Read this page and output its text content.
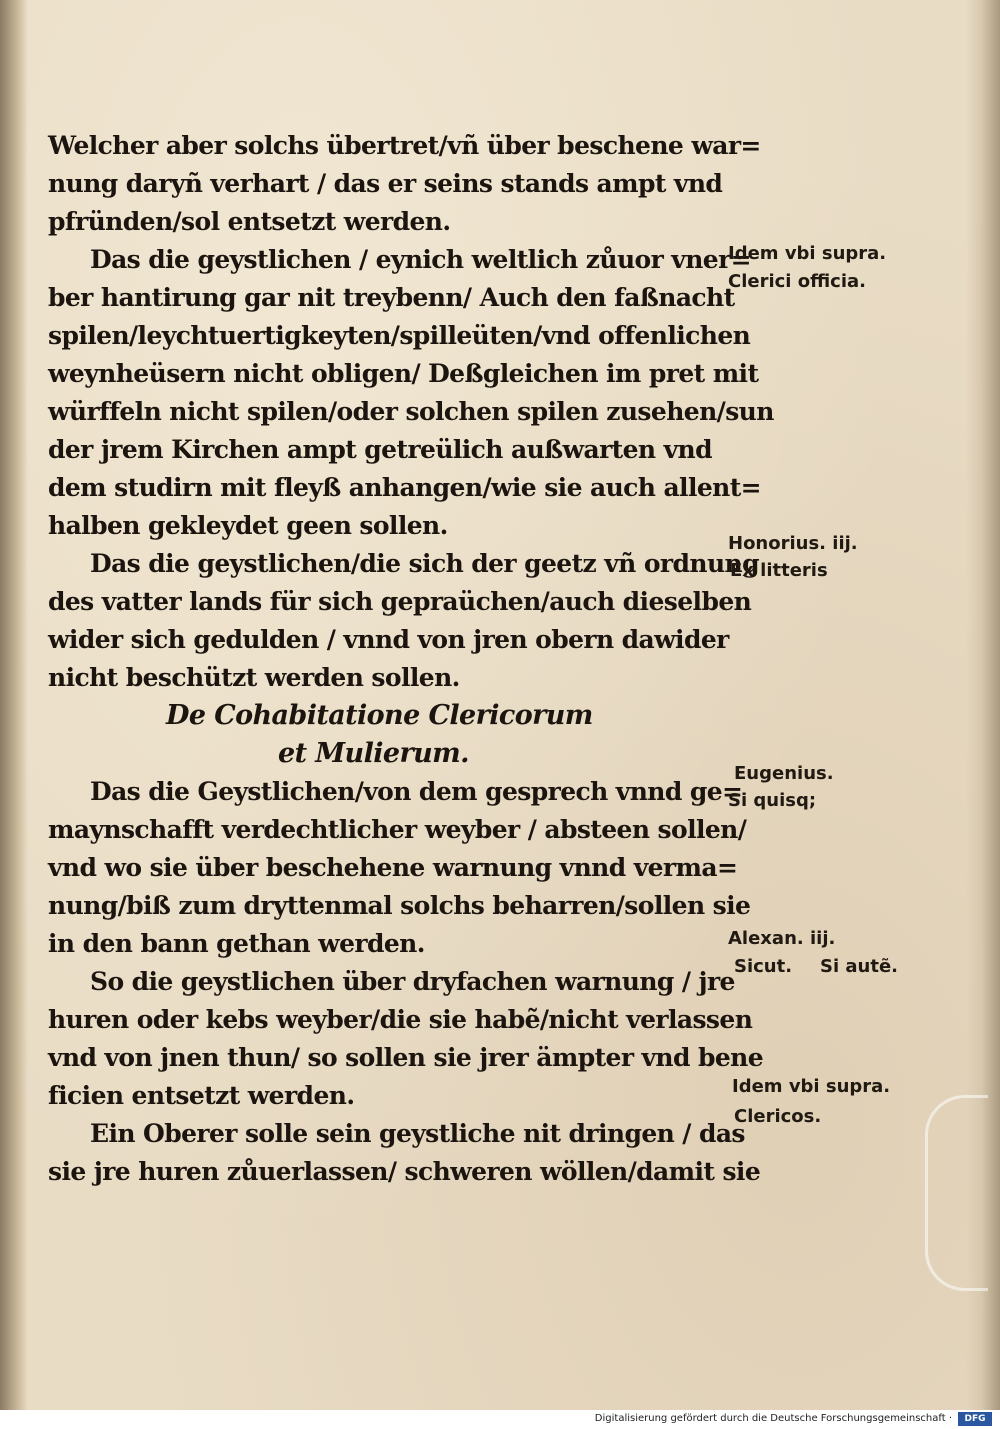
Welcher aber solchs übertret/vñ über beschene war=
nung daryñ verhart / das er seins stands ampt vnd
pfründen/sol entsetzt werden.
Das die geystlichen / eynich weltlich zůuor vner=
ber hantirung gar nit treybenn/ Auch den faßnacht
spilen/leychtuertigkeyten/spilleüten/vnd offenlichen
weynheüsern nicht obligen/ Deßgleichen im pret mit
würffeln nicht spilen/oder solchen spilen zusehen/sun
der jrem Kirchen ampt getreülich außwarten vnd
dem studirn mit fleyß anhangen/wie sie auch allent=
halben gekleydet geen sollen.
Das die geystlichen/die sich der geetz vñ ordnung
des vatter lands für sich gepraüchen/auch dieselben
wider sich gedulden / vnnd von jren obern dawider
nicht beschützt werden sollen.
De Cohabitatione Clericorum
et Mulierum.
Das die Geystlichen/von dem gesprech vnnd ge=
maynschafft verdechtlicher weyber / absteen sollen/
vnd wo sie über beschehene warnung vnnd verma=
nung/biß zum dryttenmal solchs beharren/sollen sie
in den bann gethan werden.
So die geystlichen über dryfachen warnung / jre
huren oder kebs weyber/die sie habẽ/nicht verlassen
vnd von jnen thun/ so sollen sie jrer ämpter vnd bene
ficien entsetzt werden.
Ein Oberer solle sein geystliche nit dringen / das
sie jre huren zůuerlassen/ schweren wöllen/damit sie
Idem vbi supra.
Clerici officia.
Honorius. iij.
Ex litteris
Eugenius.
Si quisq;
Alexan. iij.
Sicut. Si autẽ.
Idem vbi supra.
Clericos.
Digitalisierung gefördert durch die Deutsche Forschungsgemeinschaft ·	DFG
